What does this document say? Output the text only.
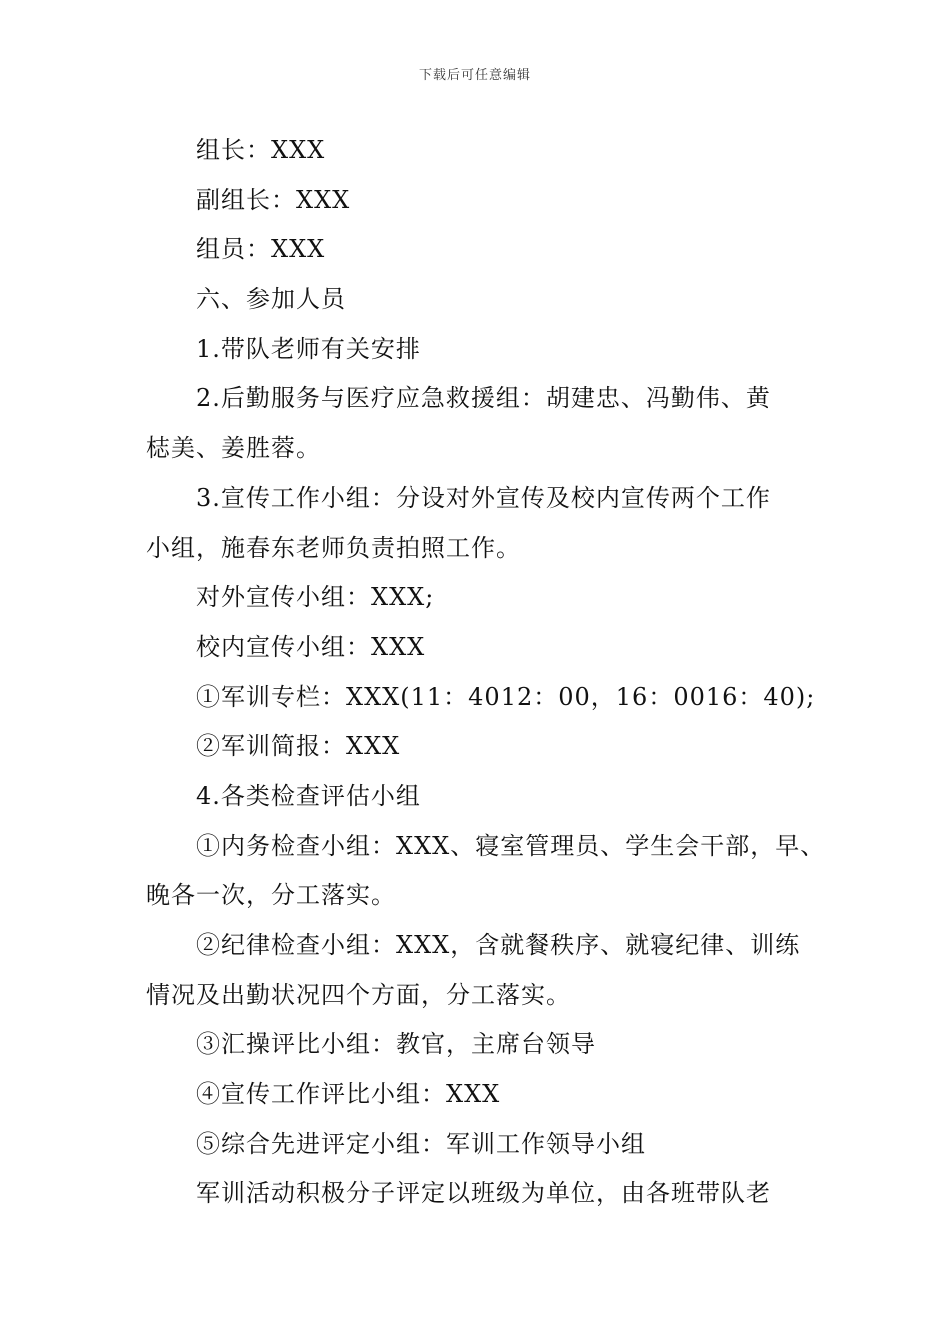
下载后可任意编辑
组长：XXX
副组长：XXX
组员：XXX
六、参加人员
1.带队老师有关安排
2.后勤服务与医疗应急救援组：胡建忠、冯勤伟、黄
梽美、姜胜蓉。
3.宣传工作小组：分设对外宣传及校内宣传两个工作
小组，施春东老师负责拍照工作。
对外宣传小组：XXX;
校内宣传小组：XXX
①军训专栏：XXX(11：4012：00，16：0016：40);
②军训简报：XXX
4.各类检查评估小组
①内务检查小组：XXX、寝室管理员、学生会干部，早、
晚各一次，分工落实。
②纪律检查小组：XXX，含就餐秩序、就寝纪律、训练
情况及出勤状况四个方面，分工落实。
③汇操评比小组：教官，主席台领导
④宣传工作评比小组：XXX
⑤综合先进评定小组：军训工作领导小组
军训活动积极分子评定以班级为单位，由各班带队老
